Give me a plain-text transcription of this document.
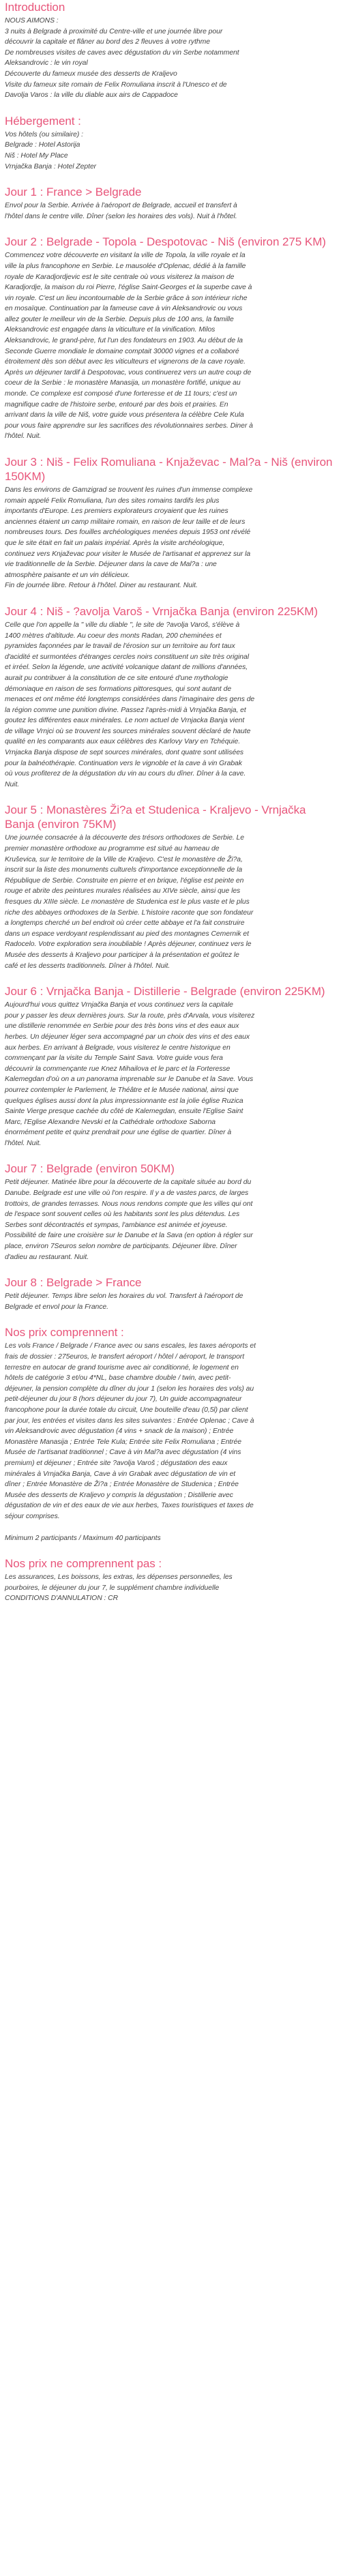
Introduction
NOUS AIMONS :
3 nuits à Belgrade à proximité du Centre-ville et une journée libre pour
découvrir la capitale et flâner au bord des 2 fleuves à votre rythme
De nombreuses visites de caves avec dégustation du vin Serbe notamment
Aleksandrovic : le vin royal
Découverte du fameux musée des desserts de Kraljevo
Visite du fameux site romain de Felix Romuliana inscrit à l'Unesco et de
Davolja Varos : la ville du diable aux airs de Cappadoce
Hébergement :
Vos hôtels (ou similaire) :
Belgrade : Hotel Astorija
Niš : Hotel My Place
Vrnjačka Banja : Hotel Zepter
Jour 1 : France > Belgrade
Envol pour la Serbie. Arrivée à l'aéroport de Belgrade, accueil et transfert à
l'hôtel dans le centre ville. Dîner (selon les horaires des vols). Nuit à l'hôtel.
Jour 2 : Belgrade - Topola - Despotovac - Niš (environ 275 KM)
Commencez votre découverte en visitant la ville de Topola, la ville royale et la
ville la plus francophone en Serbie. Le mausolée d'Oplenac, dédié à la famille
royale de Karadjordjevic est le site centrale où vous visiterez la maison de
Karadjordje, la maison du roi Pierre, l'église Saint-Georges et la superbe cave à
vin royale. C'est un lieu incontournable de la Serbie grâce à son intérieur riche
en mosaïque. Continuation par la fameuse cave à vin Aleksandrovic ou vous
allez gouter le meilleur vin de la Serbie. Depuis plus de 100 ans, la famille
Aleksandrovic est engagée dans la viticulture et la vinification. Milos
Aleksandrovic, le grand-père, fut l'un des fondateurs en 1903. Au début de la
Seconde Guerre mondiale le domaine comptait 30000 vignes et a collaboré
étroitement dès son début avec les viticulteurs et vignerons de la cave royale.
Après un déjeuner tardif à Despotovac, vous continuerez vers un autre coup de
coeur de la Serbie : le monastère Manasija, un monastère fortifié, unique au
monde. Ce complexe est composé d'une forteresse et de 11 tours; c'est un
magnifique cadre de l'histoire serbe, entouré par des bois et prairies. En
arrivant dans la ville de Niš, votre guide vous présentera la célèbre Cele Kula
pour vous faire apprendre sur les sacrifices des révolutionnaires serbes. Diner à
l'hôtel. Nuit.
Jour 3 : Niš - Felix Romuliana - Knjaževac - Mal?a - Niš (environ 150KM)
Dans les environs de Gamzigrad se trouvent les ruines d'un immense complexe
romain appelé Felix Romuliana, l'un des sites romains tardifs les plus
importants d'Europe. Les premiers explorateurs croyaient que les ruines
anciennes étaient un camp militaire romain, en raison de leur taille et de leurs
nombreuses tours. Des fouilles archéologiques menées depuis 1953 ont révélé
que le site était en fait un palais impérial. Après la visite archéologique,
continuez vers Knjaževac pour visiter le Musée de l'artisanat et apprenez sur la
vie traditionnelle de la Serbie. Déjeuner dans la cave de Mal?a : une
atmosphère paisante et un vin délicieux.
Fin de journée libre. Retour à l'hôtel. Diner au restaurant. Nuit.
Jour 4 : Niš - ?avolja Varoš - Vrnjačka Banja (environ 225KM)
Celle que l'on appelle la " ville du diable ", le site de ?avolja Varoš, s'élève à
1400 mètres d'altitude. Au coeur des monts Radan, 200 cheminées et
pyramides façonnées par le travail de l'érosion sur un territoire au fort taux
d'acidité et surmontées d'étranges cercles noirs constituent un site très original
et irréel. Selon la légende, une activité volcanique datant de millions d'années,
aurait pu contribuer à la constitution de ce site entouré d'une mythologie
démoniaque en raison de ses formations pittoresques, qui sont autant de
menaces et ont même été longtemps considérées dans l'imaginaire des gens de
la région comme une punition divine. Passez l'après-midi à Vrnjačka Banja, et
goutez les différentes eaux minérales. Le nom actuel de Vrnjacka Banja vient
de village Vrnjci où se trouvent les sources minérales souvent déclaré de haute
qualité en les comparants aux eaux célèbres des Karlovy Vary en Tchéquie.
Vrnjacka Banja dispose de sept sources minérales, dont quatre sont utilisées
pour la balnéothérapie. Continuation vers le vignoble et la cave à vin Grabak
où vous profiterez de la dégustation du vin au cours du dîner. Dîner à la cave.
Nuit.
Jour 5 : Monastères Ži?a et Studenica - Kraljevo - Vrnjačka Banja (environ 75KM)
Une journée consacrée à la découverte des trésors orthodoxes de Serbie. Le
premier monastère orthodoxe au programme est situé au hameau de
Kruševica, sur le territoire de la Ville de Kraljevo. C'est le monastère de Ži?a,
inscrit sur la liste des monuments culturels d'importance exceptionnelle de la
République de Serbie. Construite en pierre et en brique, l'église est peinte en
rouge et abrite des peintures murales réalisées au XIVe siècle, ainsi que les
fresques du XIIIe siècle. Le monastère de Studenica est le plus vaste et le plus
riche des abbayes orthodoxes de la Serbie. L'histoire raconte que son fondateur
a longtemps cherché un bel endroit où créer cette abbaye et l'a fait construire
dans un espace verdoyant resplendissant au pied des montagnes Cemernik et
Radocelo. Votre exploration sera inoubliable ! Après déjeuner, continuez vers le
Musée des desserts à Kraljevo pour participer à la présentation et goûtez le
café et les desserts traditionnels. Dîner à l'hôtel. Nuit.
Jour 6 : Vrnjačka Banja - Distillerie - Belgrade (environ 225KM)
Aujourd'hui vous quittez Vrnjačka Banja et vous continuez vers la capitale
pour y passer les deux dernières jours. Sur la route, près d'Arvala, vous visiterez
une distillerie renommée en Serbie pour des très bons vins et des eaux aux
herbes. Un déjeuner léger sera accompagné par un choix des vins et des eaux
aux herbes. En arrivant à Belgrade, vous visiterez le centre historique en
commençant par la visite du Temple Saint Sava. Votre guide vous fera
découvrir la commençante rue Knez Mihailova et le parc et la Forteresse
Kalemegdan d'où on a un panorama imprenable sur le Danube et la Save. Vous
pourrez contempler le Parlement, le Théâtre et le Musée national, ainsi que
quelques églises aussi dont la plus impressionnante est la jolie église Ruzica
Sainte Vierge presque cachée du côté de Kalemegdan, ensuite l'Eglise Saint
Marc, l'Eglise Alexandre Nevski et la Cathédrale orthodoxe Saborna
énormément petite et quinz prendrait pour une église de quartier. Dîner à
l'hôtel. Nuit.
Jour 7 : Belgrade (environ 50KM)
Petit déjeuner. Matinée libre pour la découverte de la capitale située au bord du
Danube. Belgrade est une ville où l'on respire. Il y a de vastes parcs, de larges
trottoirs, de grandes terrasses. Nous nous rendons compte que les villes qui ont
de l'espace sont souvent celles où les habitants sont les plus détendus. Les
Serbes sont décontractés et sympas, l'ambiance est animée et joyeuse.
Possibilité de faire une croisière sur le Danube et la Sava (en option à régler sur
place, environ 7Seuros selon nombre de participants. Déjeuner libre. Dîner
d'adieu au restaurant. Nuit.
Jour 8 : Belgrade > France
Petit déjeuner. Temps libre selon les horaires du vol. Transfert à l'aéroport de
Belgrade et envol pour la France.
Nos prix comprennent :
Les vols France / Belgrade / France avec ou sans escales, les taxes aéroports et
frais de dossier : 275euros, le transfert aéroport / hôtel / aéroport, le transport
terrestre en autocar de grand tourisme avec air conditionné, le logement en
hôtels de catégorie 3 et/ou 4*NL, base chambre double / twin, avec petit-
déjeuner, la pension complète du dîner du jour 1 (selon les horaires des vols) au
petit-déjeuner du jour 8 (hors déjeuner du jour 7), Un guide accompagnateur
francophone pour la durée totale du circuit, Une bouteille d'eau (0,5l) par client
par jour, les entrées et visites dans les sites suivantes : Entrée Oplenac ; Cave à
vin Aleksandrovic avec dégustation (4 vins + snack de la maison) ; Entrée
Monastère Manasija ; Entrée Tele Kula; Entrée site Felix Romuliana ; Entrée
Musée de l'artisanat traditionnel ; Cave à vin Mal?a avec dégustation (4 vins
premium) et déjeuner ; Entrée site ?avolja Varoš ; dégustation des eaux
minérales à Vrnjačka Banja, Cave à vin Grabak avec dégustation de vin et
dîner ; Entrée Monastère de Ži?a ; Entrée Monastère de Studenica ; Entrée
Musée des desserts de Kraljevo y compris la dégustation ; Distillerie avec
dégustation de vin et des eaux de vie aux herbes, Taxes touristiques et taxes de
séjour comprises.
Minimum 2 participants / Maximum 40 participants
Nos prix ne comprennent pas :
Les assurances, Les boissons, les extras, les dépenses personnelles, les
pourboires, le déjeuner du jour 7, le supplément chambre individuelle
CONDITIONS D'ANNULATION : CR
